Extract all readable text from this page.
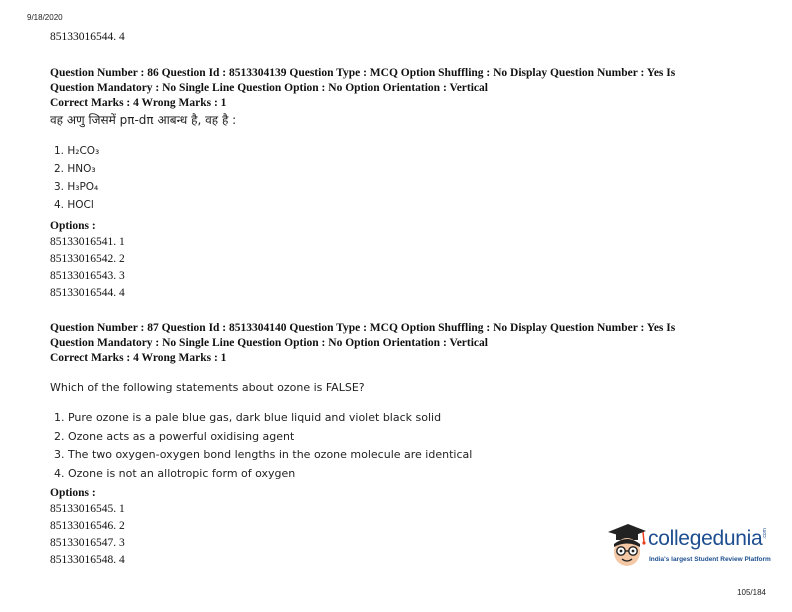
9/18/2020
85133016544. 4
Question Number : 86 Question Id : 8513304139 Question Type : MCQ Option Shuffling : No Display Question Number : Yes Is
Question Mandatory : No Single Line Question Option : No Option Orientation : Vertical
Correct Marks : 4 Wrong Marks : 1
वह अणु जिसमें pπ-dπ आबन्ध है, वह है :
1. H₂CO₃
2. HNO₃
3. H₃PO₄
4. HOCl
Options :
85133016541. 1
85133016542. 2
85133016543. 3
85133016544. 4
Question Number : 87 Question Id : 8513304140 Question Type : MCQ Option Shuffling : No Display Question Number : Yes Is
Question Mandatory : No Single Line Question Option : No Option Orientation : Vertical
Correct Marks : 4 Wrong Marks : 1
Which of the following statements about ozone is FALSE?
1. Pure ozone is a pale blue gas, dark blue liquid and violet black solid
2. Ozone acts as a powerful oxidising agent
3. The two oxygen-oxygen bond lengths in the ozone molecule are identical
4. Ozone is not an allotropic form of oxygen
Options :
85133016545. 1
85133016546. 2
85133016547. 3
85133016548. 4
collegedunia .com
India's largest Student Review Platform
105/184
